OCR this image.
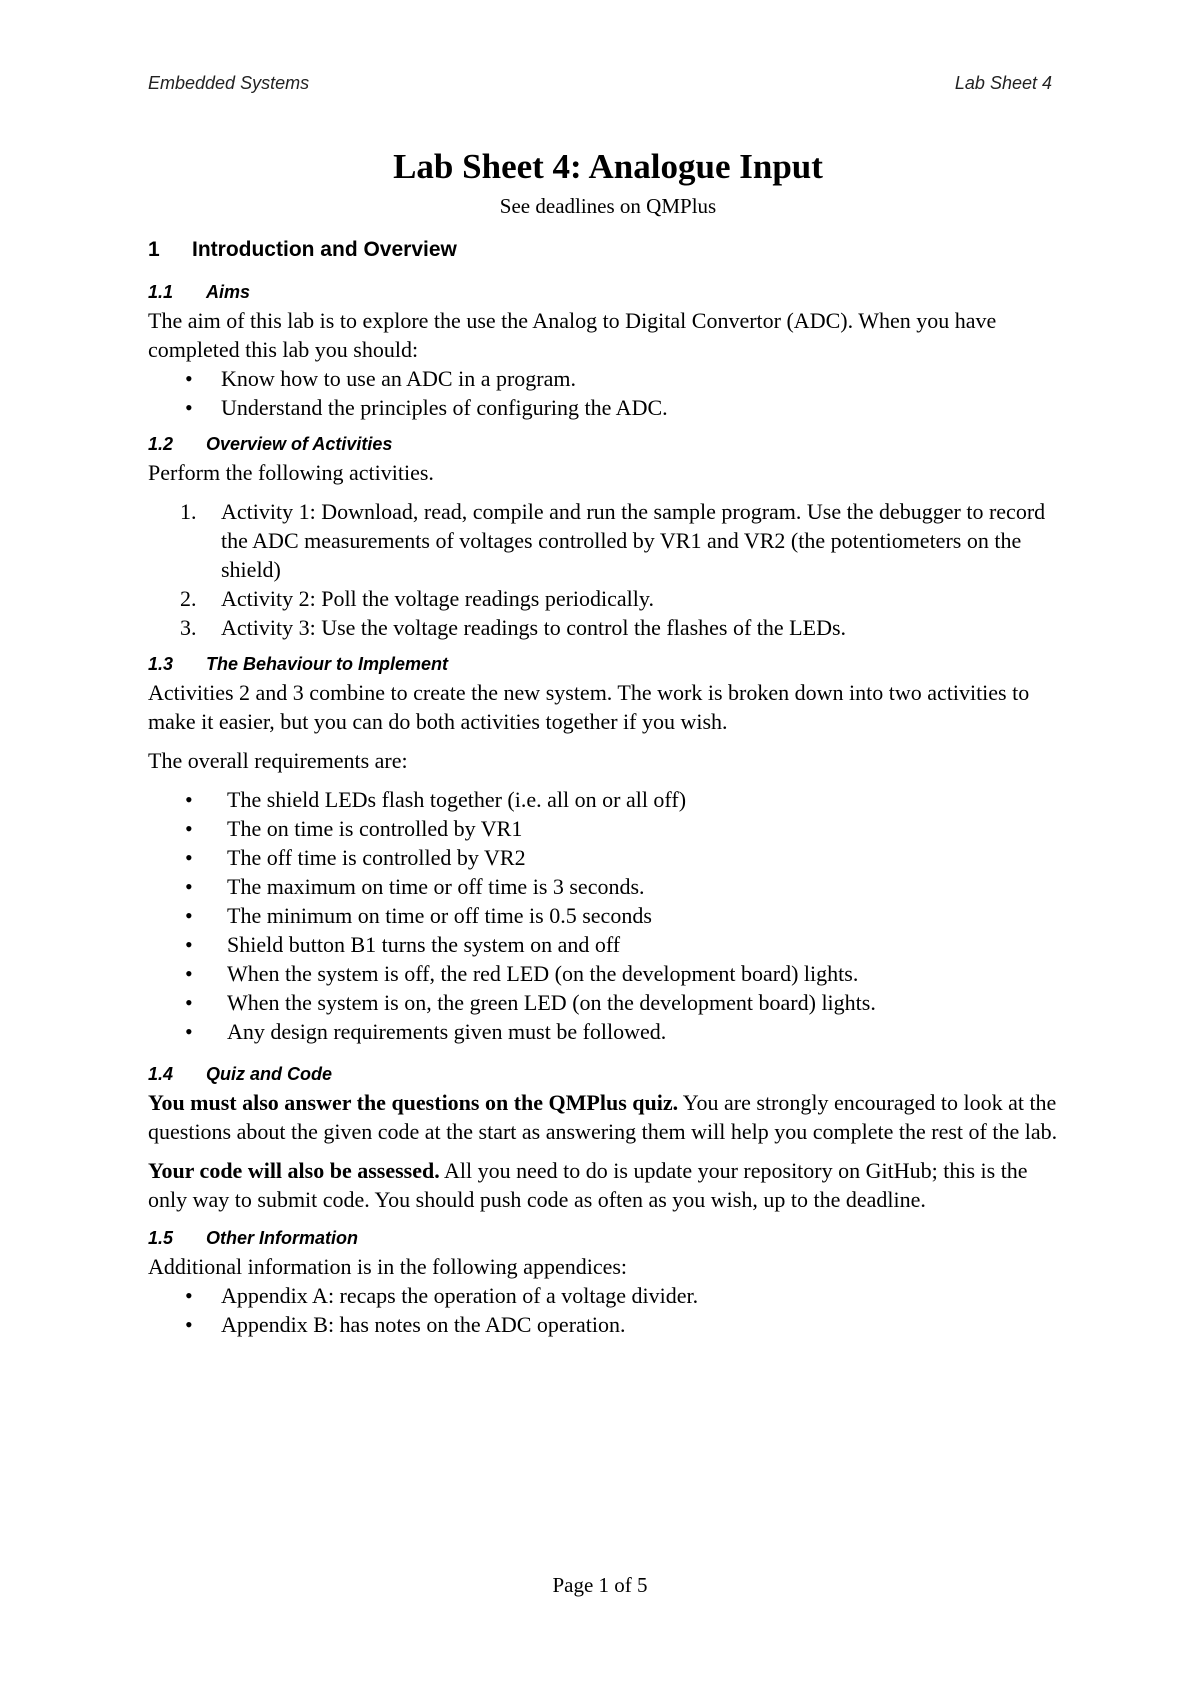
Embedded Systems	Lab Sheet 4
Lab Sheet 4: Analogue Input
See deadlines on QMPlus
1	Introduction and Overview
1.1	Aims

The aim of this lab is to explore the use the Analog to Digital Convertor (ADC). When you have completed this lab you should:

• Know how to use an ADC in a program.
• Understand the principles of configuring the ADC.
1.2	Overview of Activities

Perform the following activities.

1. Activity 1: Download, read, compile and run the sample program. Use the debugger to record the ADC measurements of voltages controlled by VR1 and VR2 (the potentiometers on the shield)
2. Activity 2: Poll the voltage readings periodically.
3. Activity 3: Use the voltage readings to control the flashes of the LEDs.
1.3	The Behaviour to Implement

Activities 2 and 3 combine to create the new system. The work is broken down into two activities to make it easier, but you can do both activities together if you wish.

The overall requirements are:

• The shield LEDs flash together (i.e. all on or all off)
• The on time is controlled by VR1
• The off time is controlled by VR2
• The maximum on time or off time is 3 seconds.
• The minimum on time or off time is 0.5 seconds
• Shield button B1 turns the system on and off
• When the system is off, the red LED (on the development board) lights.
• When the system is on, the green LED (on the development board) lights.
• Any design requirements given must be followed.
1.4	Quiz and Code

You must also answer the questions on the QMPlus quiz. You are strongly encouraged to look at the questions about the given code at the start as answering them will help you complete the rest of the lab.

Your code will also be assessed. All you need to do is update your repository on GitHub; this is the only way to submit code. You should push code as often as you wish, up to the deadline.

1.5	Other Information

Additional information is in the following appendices:

• Appendix A: recaps the operation of a voltage divider.
• Appendix B: has notes on the ADC operation.
Page 1 of 5
